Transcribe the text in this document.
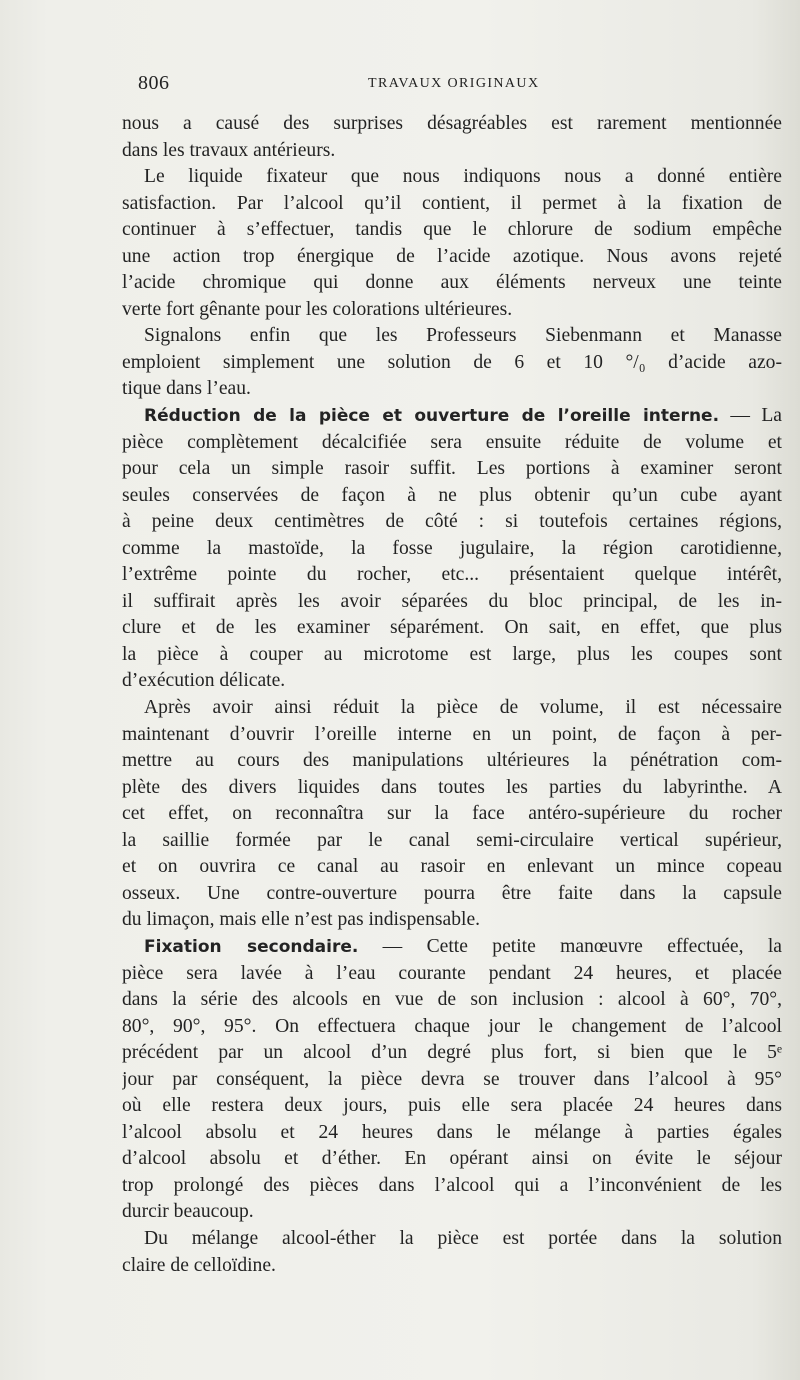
806	TRAVAUX ORIGINAUX
nous a causé des surprises désagréables est rarement mentionnée
dans les travaux antérieurs.
Le liquide fixateur que nous indiquons nous a donné entière
satisfaction. Par l’alcool qu’il contient, il permet à la fixation de
continuer à s’effectuer, tandis que le chlorure de sodium empêche
une action trop énergique de l’acide azotique. Nous avons rejeté
l’acide chromique qui donne aux éléments nerveux une teinte
verte fort gênante pour les colorations ultérieures.
Signalons enfin que les Professeurs Siebenmann et Manasse
emploient simplement une solution de 6 et 10 °/₀ d’acide azo-
tique dans l’eau.
Réduction de la pièce et ouverture de l’oreille interne. — La
pièce complètement décalcifiée sera ensuite réduite de volume et
pour cela un simple rasoir suffit. Les portions à examiner seront
seules conservées de façon à ne plus obtenir qu’un cube ayant
à peine deux centimètres de côté : si toutefois certaines régions,
comme la mastoïde, la fosse jugulaire, la région carotidienne,
l’extrême pointe du rocher, etc... présentaient quelque intérêt,
il suffirait après les avoir séparées du bloc principal, de les in-
clure et de les examiner séparément. On sait, en effet, que plus
la pièce à couper au microtome est large, plus les coupes sont
d’exécution délicate.
Après avoir ainsi réduit la pièce de volume, il est nécessaire
maintenant d’ouvrir l’oreille interne en un point, de façon à per-
mettre au cours des manipulations ultérieures la pénétration com-
plète des divers liquides dans toutes les parties du labyrinthe. A
cet effet, on reconnaîtra sur la face antéro-supérieure du rocher
la saillie formée par le canal semi-circulaire vertical supérieur,
et on ouvrira ce canal au rasoir en enlevant un mince copeau
osseux. Une contre-ouverture pourra être faite dans la capsule
du limaçon, mais elle n’est pas indispensable.
Fixation secondaire. — Cette petite manœuvre effectuée, la
pièce sera lavée à l’eau courante pendant 24 heures, et placée
dans la série des alcools en vue de son inclusion : alcool à 60°, 70°,
80°, 90°, 95°. On effectuera chaque jour le changement de l’alcool
précédent par un alcool d’un degré plus fort, si bien que le 5ᵉ
jour par conséquent, la pièce devra se trouver dans l’alcool à 95°
où elle restera deux jours, puis elle sera placée 24 heures dans
l’alcool absolu et 24 heures dans le mélange à parties égales
d’alcool absolu et d’éther. En opérant ainsi on évite le séjour
trop prolongé des pièces dans l’alcool qui a l’inconvénient de les
durcir beaucoup.
Du mélange alcool-éther la pièce est portée dans la solution
claire de celloïdine.
